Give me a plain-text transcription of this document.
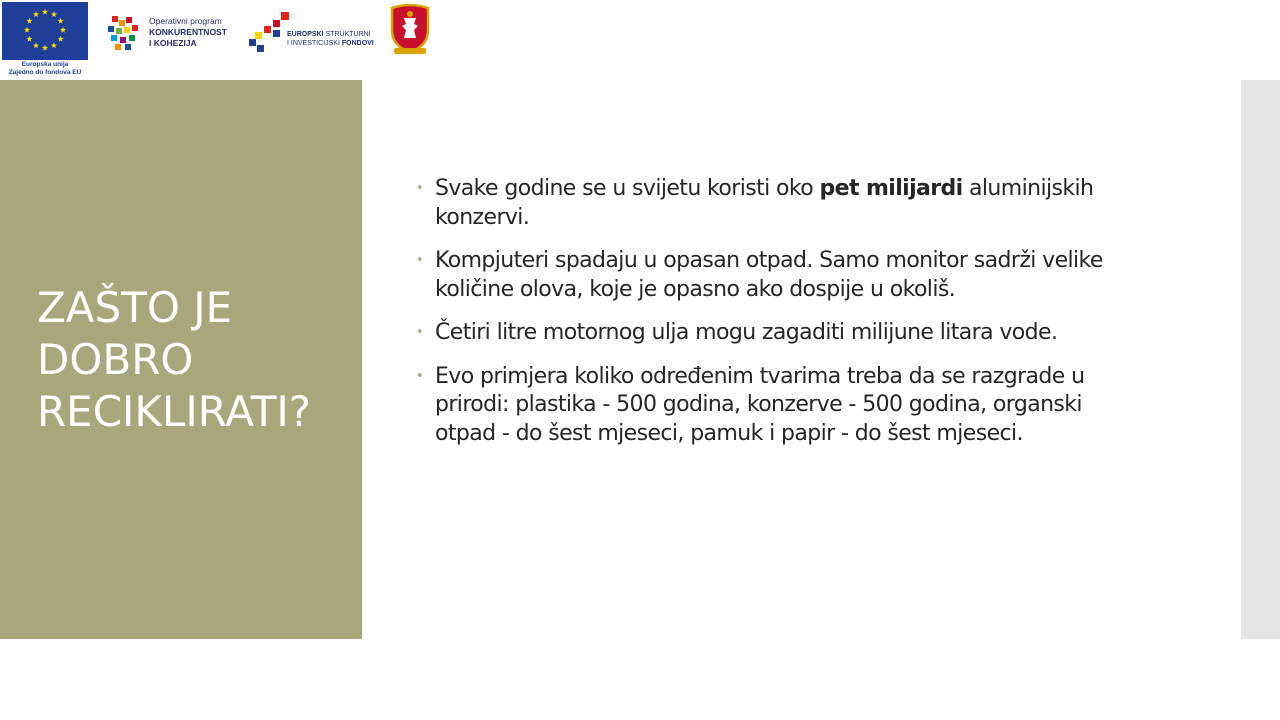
Europska unija
Zajedno do fondova EU
Operativni program
KONKURENTNOST
I KOHEZIJA
EUROPSKI STRUKTURNI
I INVESTICIJSKI FONDOVI
ZAŠTO JE DOBRO RECIKLIRATI?
• Svake godine se u svijetu koristi oko pet milijardi aluminijskih konzervi.
• Kompjuteri spadaju u opasan otpad. Samo monitor sadrži velike količine olova, koje je opasno ako dospije u okoliš.
• Četiri litre motornog ulja mogu zagaditi milijune litara vode.
• Evo primjera koliko određenim tvarima treba da se razgrade u prirodi: plastika - 500 godina, konzerve - 500 godina, organski otpad - do šest mjeseci, pamuk i papir - do šest mjeseci.
